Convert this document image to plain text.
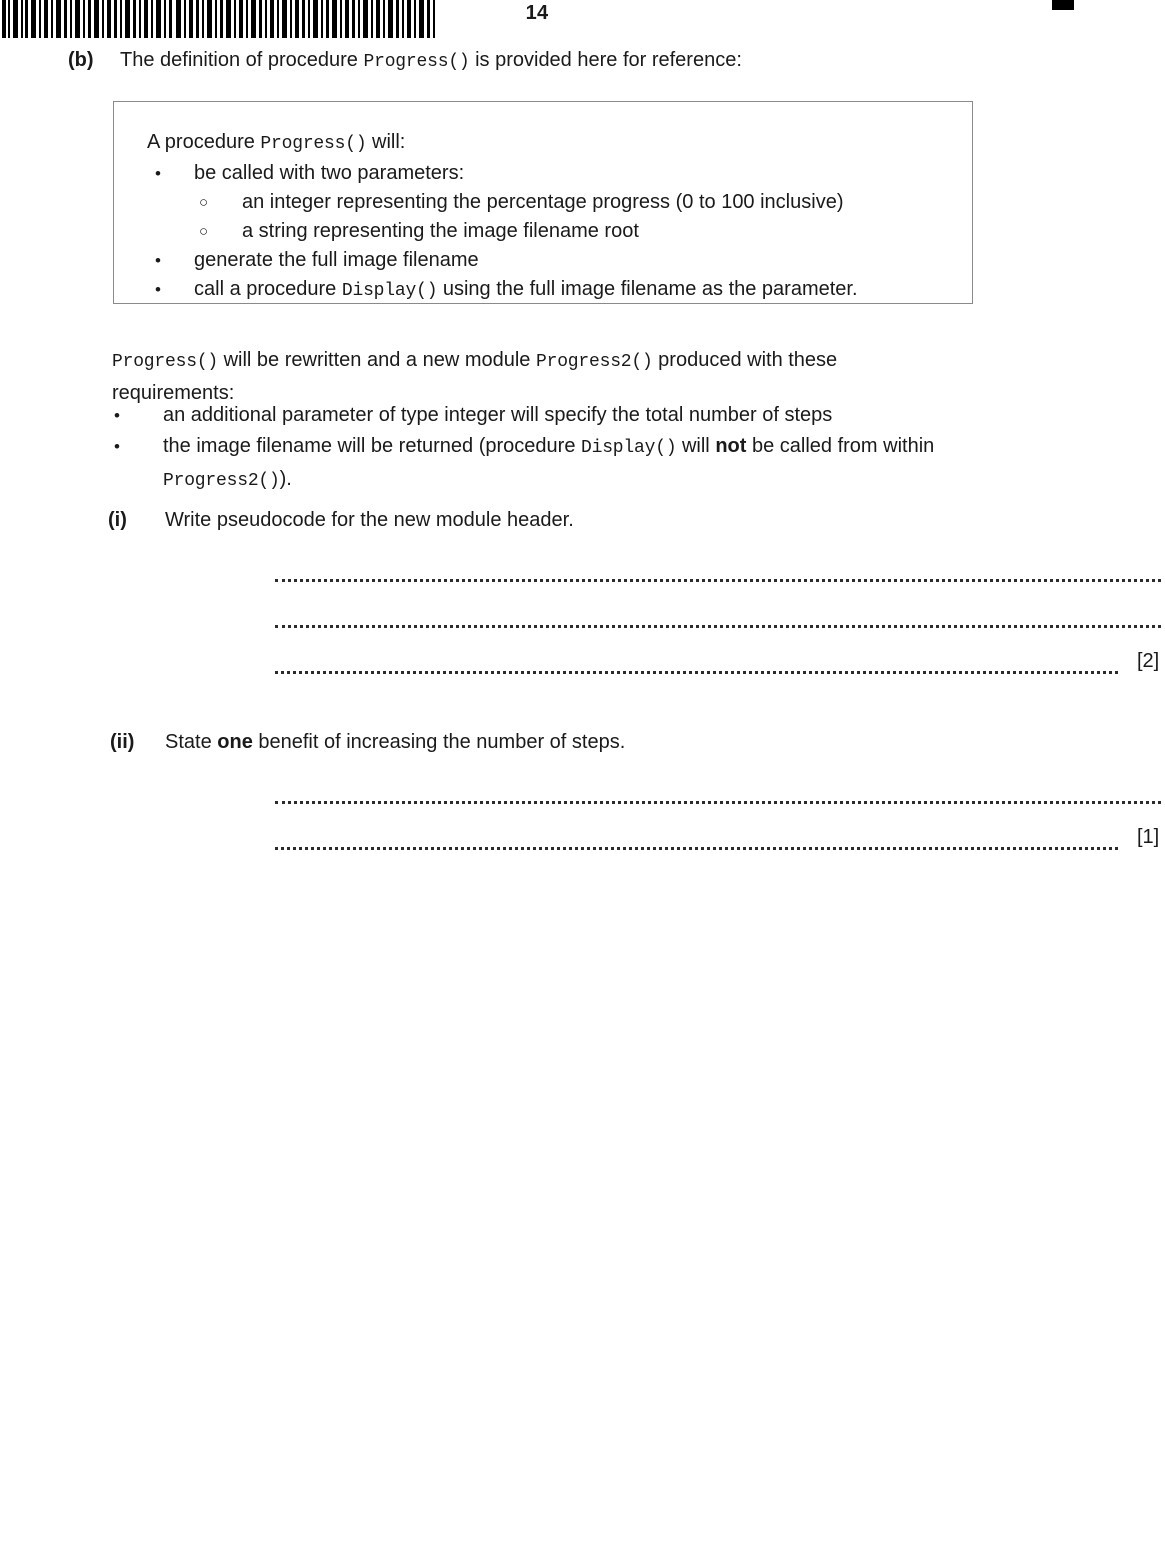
14
(b) The definition of procedure Progress() is provided here for reference:
A procedure Progress() will:
• be called with two parameters:
○ an integer representing the percentage progress (0 to 100 inclusive)
○ a string representing the image filename root
• generate the full image filename
• call a procedure Display() using the full image filename as the parameter.
Progress() will be rewritten and a new module Progress2() produced with these requirements:
• an additional parameter of type integer will specify the total number of steps
• the image filename will be returned (procedure Display() will not be called from within Progress2()).
(i)	Write pseudocode for the new module header.
[2]
(ii)	State one benefit of increasing the number of steps.
[1]
